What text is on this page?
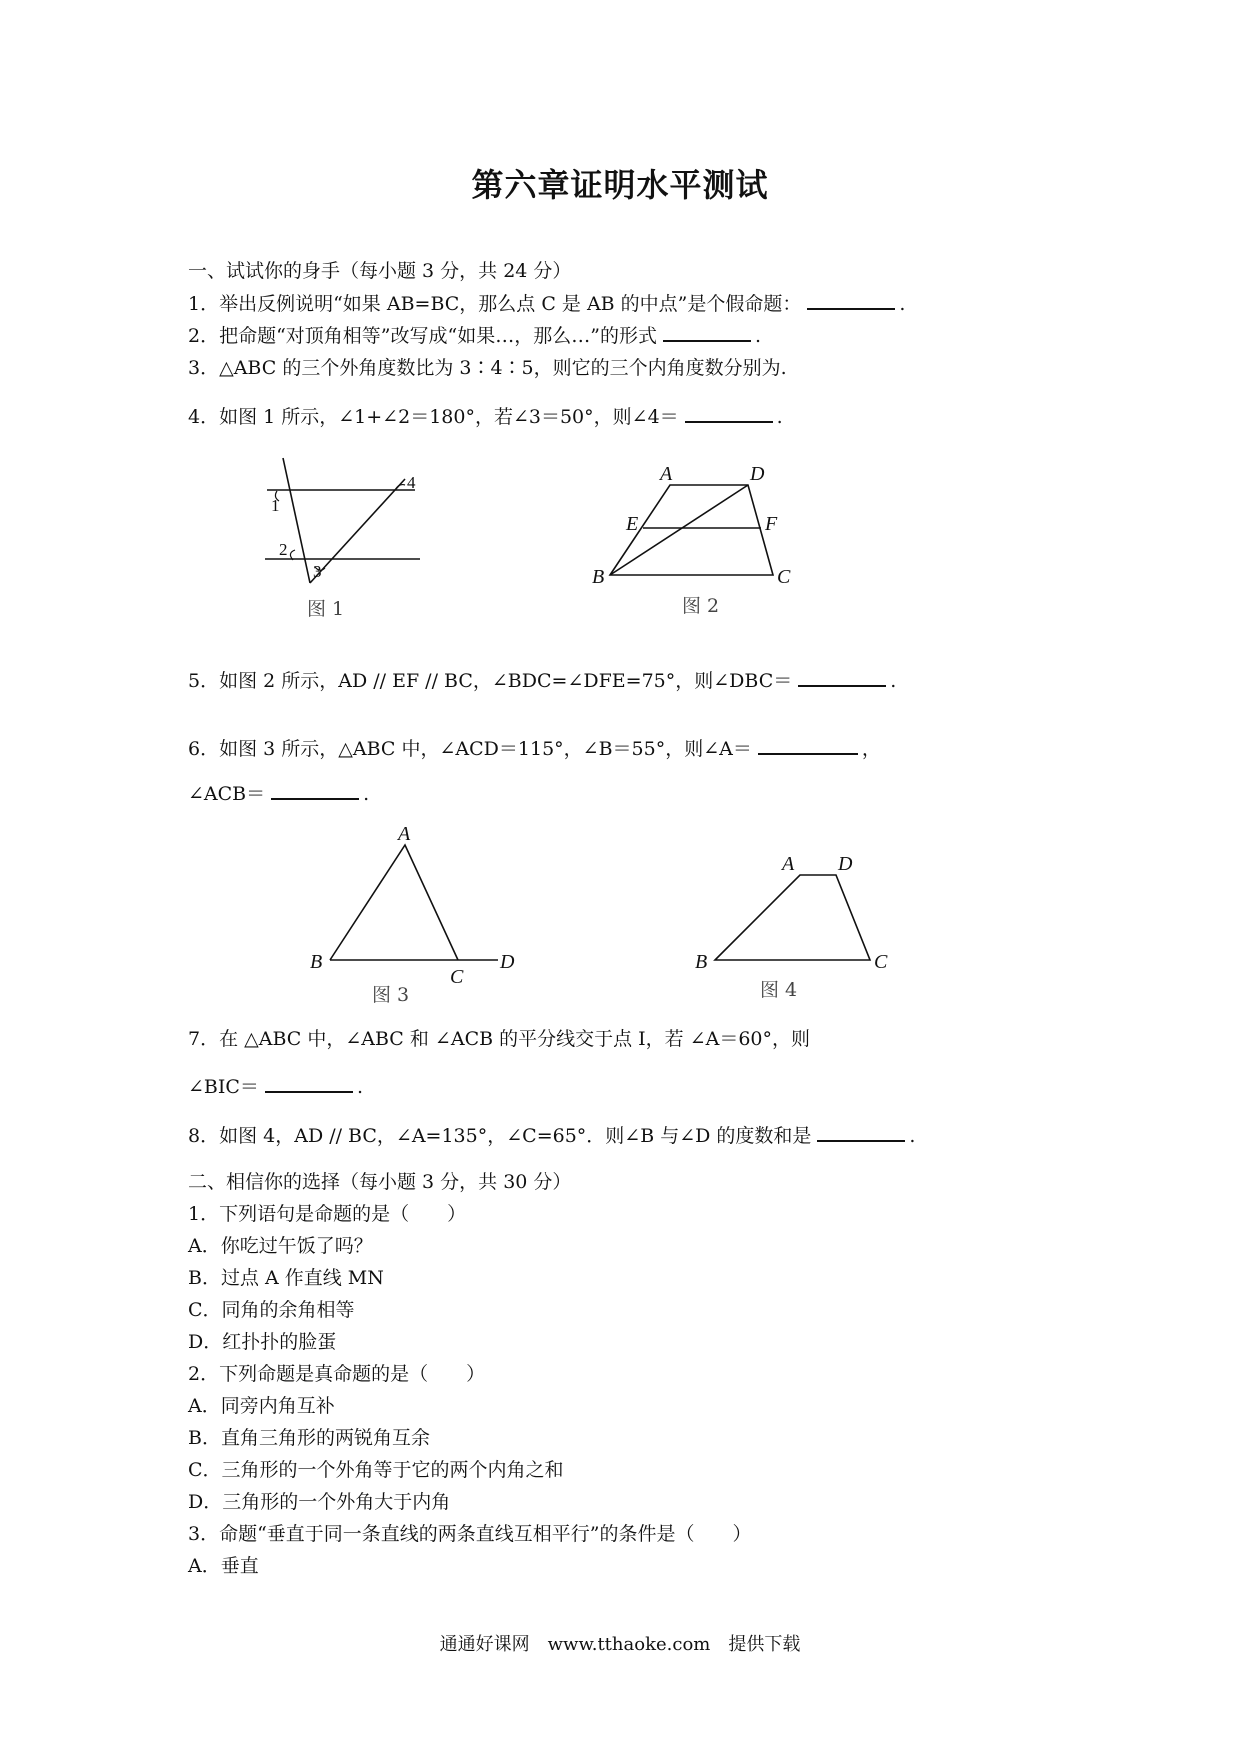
第六章证明水平测试
一、试试你的身手（每小题 3 分，共 24 分）
1．举出反例说明“如果 AB=BC，那么点 C 是 AB 的中点”是个假命题：	.
2．把命题“对顶角相等”改写成“如果…，那么…”的形式	.
3．△ABC 的三个外角度数比为 3∶4∶5，则它的三个内角度数分别为.
4．如图 1 所示，∠1+∠2＝180°，若∠3＝50°，则∠4＝	.
1
2
3
4
图 1
A	D
E	F
B	C
图 2
5．如图 2 所示，AD // EF // BC，∠BDC=∠DFE=75°，则∠DBC＝	.
6．如图 3 所示，△ABC 中，∠ACD＝115°，∠B＝55°，则∠A＝	，
∠ACB＝	.
A
B
C
D
图 3
A D
B	C
图 4
7．在 △ABC 中，∠ABC 和 ∠ACB 的平分线交于点 I，若 ∠A＝60°，则
∠BIC＝	.
8．如图 4，AD // BC，∠A=135°，∠C=65°．则∠B 与∠D 的度数和是	.
二、相信你的选择（每小题 3 分，共 30 分）
1．下列语句是命题的是（　　）
A．你吃过午饭了吗？
B．过点 A 作直线 MN
C．同角的余角相等
D．红扑扑的脸蛋
2．下列命题是真命题的是（　　）
A．同旁内角互补
B．直角三角形的两锐角互余
C．三角形的一个外角等于它的两个内角之和
D．三角形的一个外角大于内角
3．命题“垂直于同一条直线的两条直线互相平行”的条件是（　　）
A．垂直
通通好课网　www.tthaoke.com　提供下载
